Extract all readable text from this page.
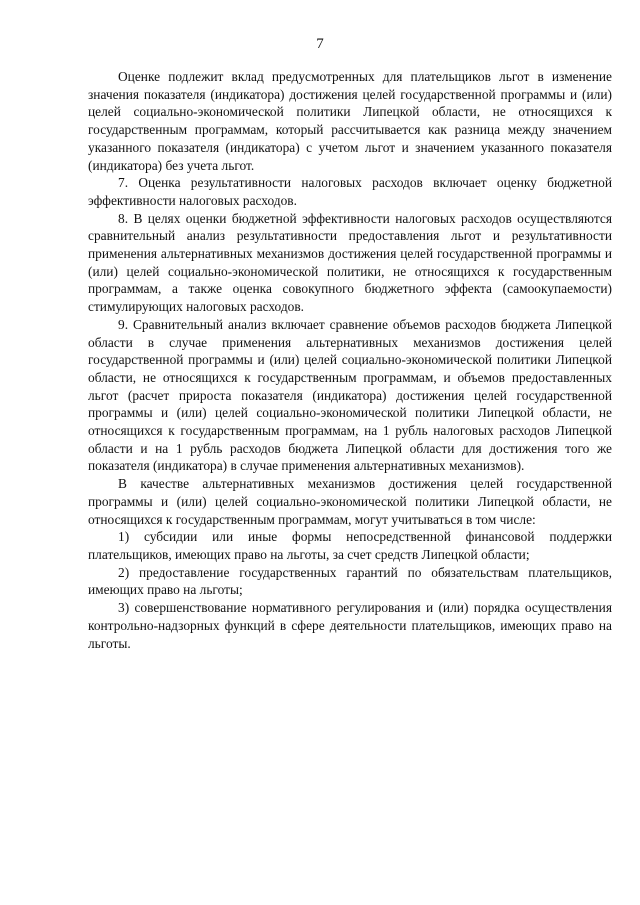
7

Оценке подлежит вклад предусмотренных для плательщиков льгот в изменение значения показателя (индикатора) достижения целей государственной программы и (или) целей социально-экономической политики Липецкой области, не относящихся к государственным программам, который рассчитывается как разница между значением указанного показателя (индикатора) с учетом льгот и значением указанного показателя (индикатора) без учета льгот.

7. Оценка результативности налоговых расходов включает оценку бюджетной эффективности налоговых расходов.

8. В целях оценки бюджетной эффективности налоговых расходов осуществляются сравнительный анализ результативности предоставления льгот и результативности применения альтернативных механизмов достижения целей государственной программы и (или) целей социально-экономической политики, не относящихся к государственным программам, а также оценка совокупного бюджетного эффекта (самоокупаемости) стимулирующих налоговых расходов.

9. Сравнительный анализ включает сравнение объемов расходов бюджета Липецкой области в случае применения альтернативных механизмов достижения целей государственной программы и (или) целей социально-экономической политики Липецкой области, не относящихся к государственным программам, и объемов предоставленных льгот (расчет прироста показателя (индикатора) достижения целей государственной программы и (или) целей социально-экономической политики Липецкой области, не относящихся к государственным программам, на 1 рубль налоговых расходов Липецкой области и на 1 рубль расходов бюджета Липецкой области для достижения того же показателя (индикатора) в случае применения альтернативных механизмов).

В качестве альтернативных механизмов достижения целей государственной программы и (или) целей социально-экономической политики Липецкой области, не относящихся к государственным программам, могут учитываться в том числе:

1) субсидии или иные формы непосредственной финансовой поддержки плательщиков, имеющих право на льготы, за счет средств Липецкой области;

2) предоставление государственных гарантий по обязательствам плательщиков, имеющих право на льготы;

3) совершенствование нормативного регулирования и (или) порядка осуществления контрольно-надзорных функций в сфере деятельности плательщиков, имеющих право на льготы.
